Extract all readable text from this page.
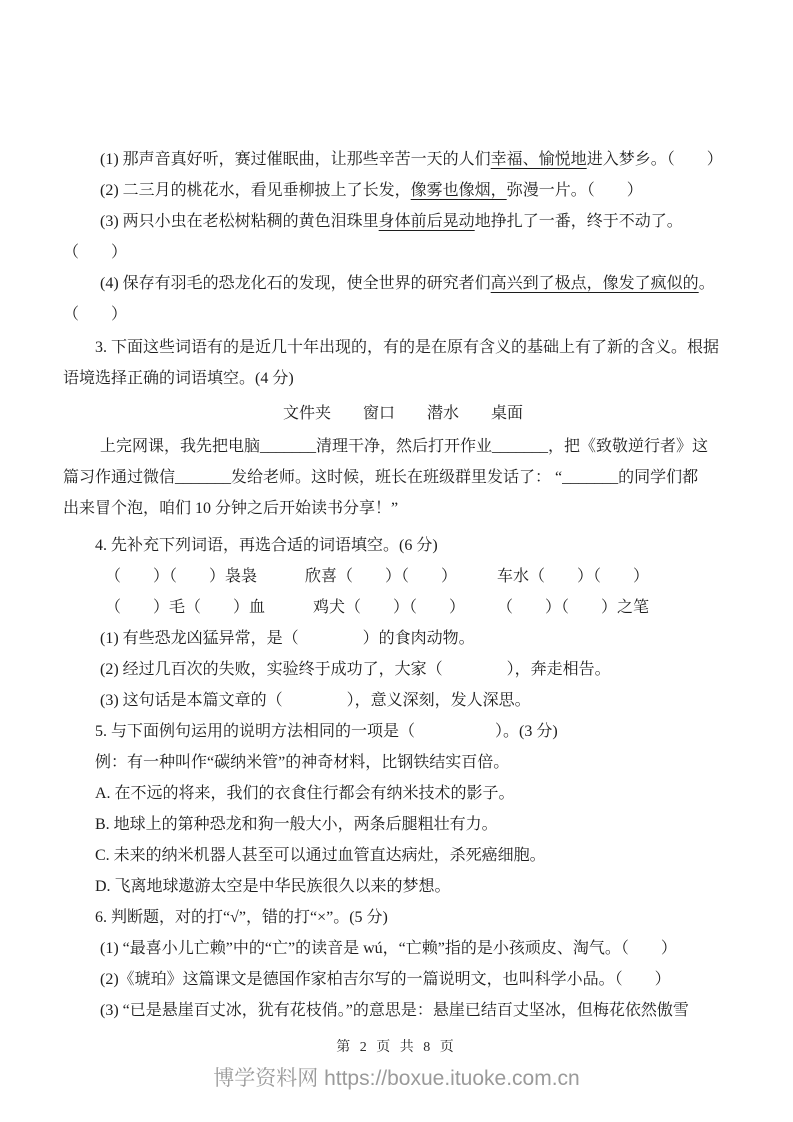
(1) 那声音真好听，赛过催眠曲，让那些辛苦一天的人们幸福、愉悦地进入梦乡。（　　）
(2) 二三月的桃花水，看见垂柳披上了长发，像雾也像烟，弥漫一片。（　　）
(3) 两只小虫在老松树粘稠的黄色泪珠里身体前后晃动地挣扎了一番，终于不动了。
（　　）
(4) 保存有羽毛的恐龙化石的发现，使全世界的研究者们高兴到了极点，像发了疯似的。
（　　）
3. 下面这些词语有的是近几十年出现的，有的是在原有含义的基础上有了新的含义。根据
语境选择正确的词语填空。(4 分)
文件夹　　窗口　　潜水　　桌面
上完网课，我先把电脑_______清理干净，然后打开作业_______，把《致敬逆行者》这
篇习作通过微信_______发给老师。这时候，班长在班级群里发话了： “_______的同学们都
出来冒个泡，咱们 10 分钟之后开始读书分享！”
4. 先补充下列词语，再选合适的词语填空。(6 分)
（　　）（　　）袅袅　　　欣喜（　　）（　　）　　　车水（　　）（　　）
（　　）毛（　　）血　　　鸡犬（　　）（　　）　　　（　　）（　　）之笔
(1) 有些恐龙凶猛异常，是（　　　　）的食肉动物。
(2) 经过几百次的失败，实验终于成功了，大家（　　　　），奔走相告。
(3) 这句话是本篇文章的（　　　　），意义深刻，发人深思。
5. 与下面例句运用的说明方法相同的一项是（　　　　　）。(3 分)
例：有一种叫作“碳纳米管”的神奇材料，比钢铁结实百倍。
A. 在不远的将来，我们的衣食住行都会有纳米技术的影子。
B. 地球上的第种恐龙和狗一般大小，两条后腿粗壮有力。
C. 未来的纳米机器人甚至可以通过血管直达病灶，杀死癌细胞。
D. 飞离地球遨游太空是中华民族很久以来的梦想。
6. 判断题，对的打“√”，错的打“×”。(5 分)
(1) “最喜小儿亡赖”中的“亡”的读音是 wú，“亡赖”指的是小孩顽皮、淘气。（　　）
(2)《琥珀》这篇课文是德国作家柏吉尔写的一篇说明文，也叫科学小品。（　　）
(3) “已是悬崖百丈冰，犹有花枝俏。”的意思是：悬崖已结百丈坚冰，但梅花依然傲雪
第 2 页 共 8 页
博学资料网 https://boxue.ituoke.com.cn
